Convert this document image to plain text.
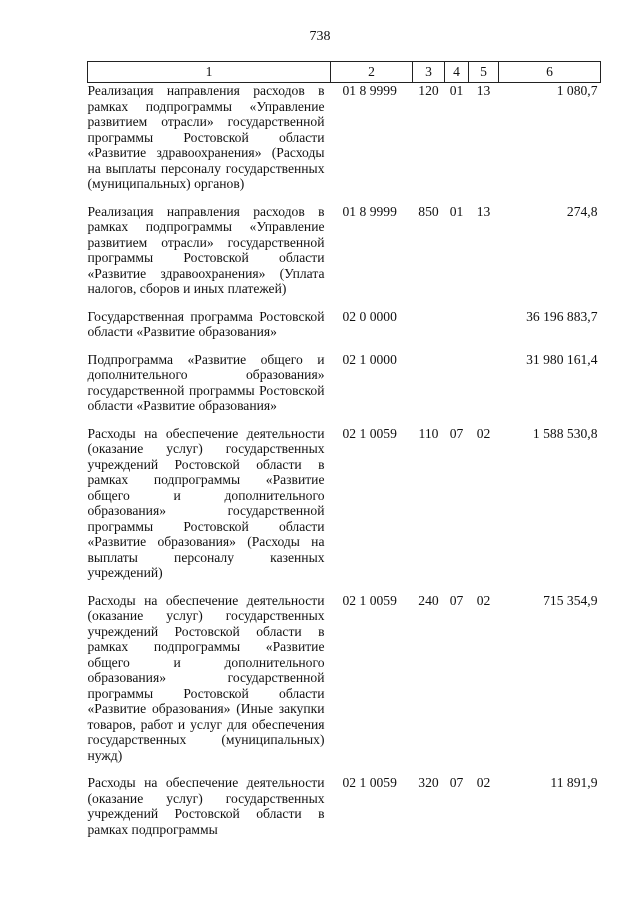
738
1	2	3	4	5	6
Реализация направления расходов в рамках подпрограммы «Управление развитием отрасли» государственной программы Ростовской области «Развитие здравоохранения» (Расходы на выплаты персоналу государственных (муниципальных) органов)	01 8 9999	120	01	13	1 080,7
Реализация направления расходов в рамках подпрограммы «Управление развитием отрасли» государственной программы Ростовской области «Развитие здравоохранения» (Уплата налогов, сборов и иных платежей)	01 8 9999	850	01	13	274,8
Государственная программа Ростовской области «Развитие образования»	02 0 0000				36 196 883,7
Подпрограмма «Развитие общего и дополнительного образования» государственной программы Ростовской области «Развитие образования»	02 1 0000				31 980 161,4
Расходы на обеспечение деятельности (оказание услуг) государственных учреждений Ростовской области в рамках подпрограммы «Развитие общего и дополнительного образования» государственной программы Ростовской области «Развитие образования» (Расходы на выплаты персоналу казенных учреждений)	02 1 0059	110	07	02	1 588 530,8
Расходы на обеспечение деятельности (оказание услуг) государственных учреждений Ростовской области в рамках подпрограммы «Развитие общего и дополнительного образования» государственной программы Ростовской области «Развитие образования» (Иные закупки товаров, работ и услуг для обеспечения государственных (муниципальных) нужд)	02 1 0059	240	07	02	715 354,9
Расходы на обеспечение деятельности (оказание услуг) государственных учреждений Ростовской области в рамках подпрограммы	02 1 0059	320	07	02	11 891,9
